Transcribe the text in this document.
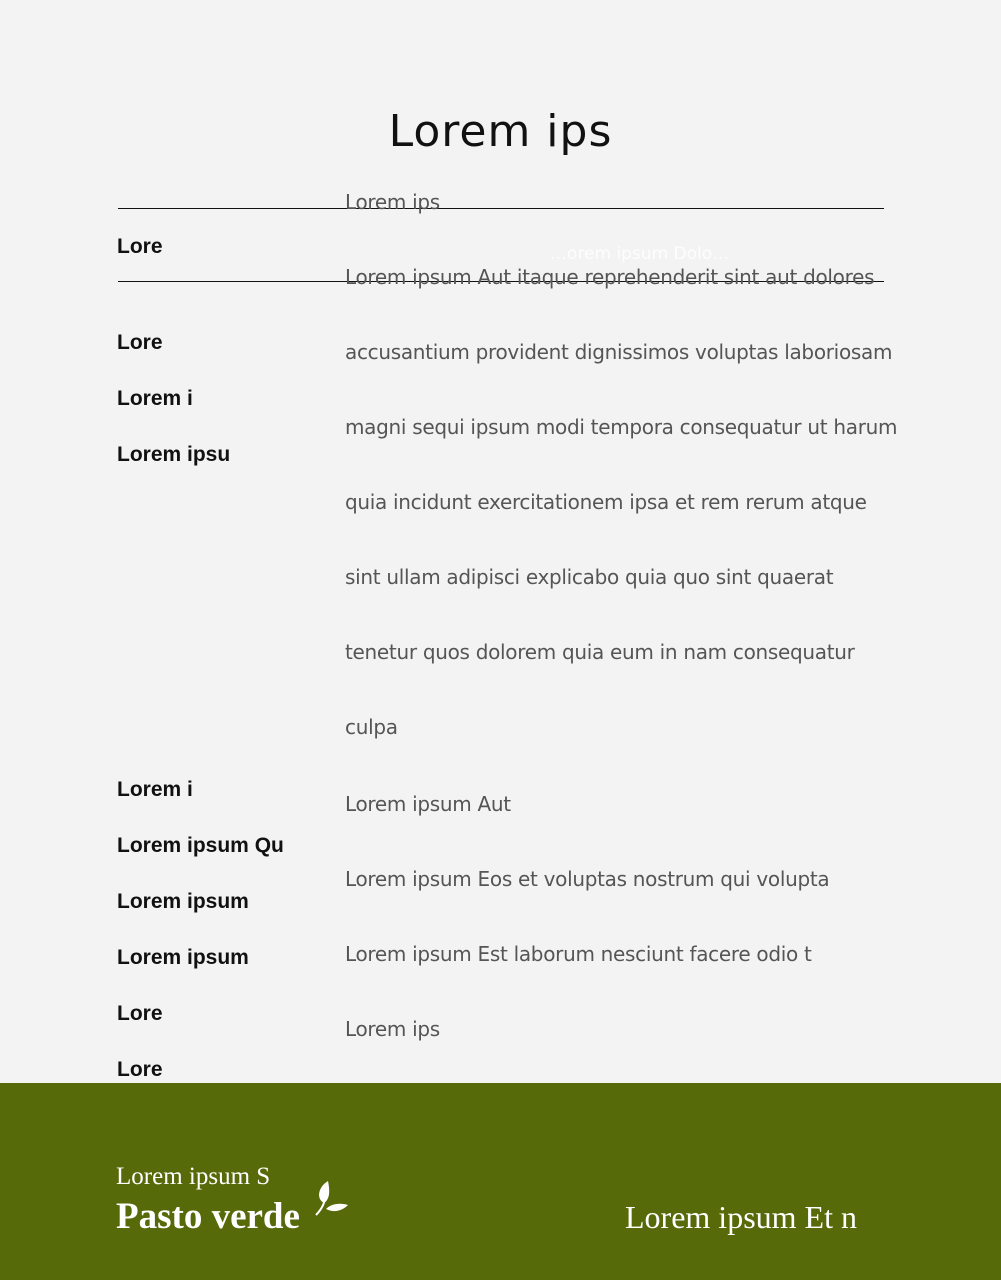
Lorem ips
…orem ipsum Dolo…
Lore
Lore
Lorem i
Lorem ipsu
Lorem i
Lorem ipsum Qu
Lorem ipsum
Lorem ipsum
Lore
Lore
Lorem ips
Lorem ipsum Aut itaque reprehenderit sint aut dolores
accusantium provident dignissimos voluptas laboriosam
magni sequi ipsum modi tempora consequatur ut harum
quia incidunt exercitationem ipsa et rem rerum atque
sint ullam adipisci explicabo quia quo sint quaerat
tenetur quos dolorem quia eum in nam consequatur
culpa
Lorem ipsum Aut
Lorem ipsum Eos et voluptas nostrum qui volupta
Lorem ipsum Est laborum nesciunt facere odio t
Lorem ips
Lorem ipsum S
Pasto verde	Lorem ipsum Et n
